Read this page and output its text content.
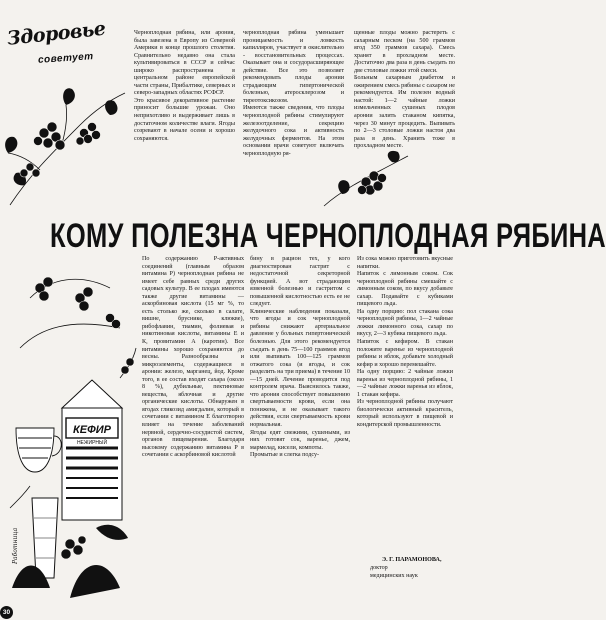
Здоровье
советует
Черноплодная рябина, или арония, была завезена в Европу из Северной Америки в конце прошлого столетия. Сравнительно недавно она стала культивироваться в СССР и сейчас широко распространена в центральном районе европейской части страны, Прибалтике, северных и северо-западных областях РСФСР.
Это красивое декоративное растение приносит большие урожаи. Оно неприхотливо и выдерживает лишь в достаточном количестве влаги. Ягоды созревают в начале осени и хорошо сохраняются.
черноплодная рябина уменьшает проницаемость и ломкость капилляров, участвует в окислительно - восстановительных процессах. Оказывает она и сосудорасширяющее действие. Все это позволяет рекомендовать плоды аронии страдающим гипертонической болезнью, атеросклерозом и тиреотоксикозом.
Имеются также сведения, что плоды черноплодной рябины стимулируют железоотделение, секрецию желудочного сока и активность желудочных ферментов. На этом основании врачи советуют включать черноплодную ря-
щенные плоды можно растереть с сахарным песком (на 500 граммов ягод 350 граммов сахара). Смесь хранят в прохладном месте. Достаточно два раза в день съедать по две столовые ложки этой смеси.
Больным сахарным диабетом и ожирением смесь рябины с сахаром не рекомендуется. Им полезен водный настой: 1—2 чайные ложки измельченных сушеных плодов аронии залить стаканом кипятка, через 30 минут процедить. Выпивать по 2—3 столовые ложки настоя два раза в день. Хранить тоже в прохладном месте.
КОМУ ПОЛЕЗНА ЧЕРНОПЛОДНАЯ РЯБИНА
КЕФИР
НЕЖИРНЫЙ
По содержанию Р-активных соединений (главным образом витамина Р) черноплодная рябина не имеет себе равных среди других садовых культур. В ее плодах имеются также другие витамины — аскорбиновая кислота (15 мг %, то есть столько же, сколько в салате, вишне, бруснике, клюкве), рибофлавин, тиамин, фолиевая и никотиновая кислоты, витамины Е и К, провитамин А (каротин). Все витамины хорошо сохраняются до весны. Разнообразны и микроэлементы, содержащиеся в аронии: железо, марганец, йод. Кроме того, в ее состав входят сахара (около 8 %), дубильные, пектиновые вещества, яблочная и другие органические кислоты. Обнаружен в ягодах гликозид амигдалин, который в сочетании с витамином Е благотворно влияет на течение заболеваний нервной, сердечно-сосудистой систем, органов пищеварения. Благодаря высокому содержанию витамина Р в сочетании с аскорбиновой кислотой
бину в рацион тех, у кого диагностирован гастрит с недостаточной секреторной функцией. А вот страдающим язвенной болезнью и гастритом с повышенной кислотностью есть ее не следует.
Клинические наблюдения показали, что ягоды и сок черноплодной рябины снижают артериальное давление у больных гипертонической болезнью. Для этого рекомендуется съедать в день 75—100 граммов ягод или выпивать 100—125 граммов отжатого сока (и ягоды, и сок разделить на три приема) в течение 10—15 дней. Лечение проводится под контролем врача. Выяснилось также, что арония способствует повышению свертываемости крови, если она понижена, и не оказывает такого действия, если свертываемость крови нормальная.
Ягоды едят свежими, сушеными, из них готовят сок, варенье, джем, мармелад, кисели, компоты.
Промытые и слегка подсу-
Из сока можно приготовить вкусные напитки.
Напиток с лимонным соком. Сок черноплодной рябины смешайте с лимонным соком, по вкусу добавьте сахар. Подавайте с кубиками пищевого льда.
На одну порцию: пол стакана сока черноплодной рябины, 1—2 чайные ложки лимонного сока, сахар по вкусу, 2—3 кубика пищевого льда.
Напиток с кефиром. В стакан положите варенье из черноплодной рябины и яблок, добавьте холодный кефир и хорошо перемешайте.
На одну порцию: 2 чайные ложки варенья из черноплодной рябины, 1—2 чайные ложки варенья из яблок, 1 стакан кефира.
Из черноплодной рябины получают биологически активный краситель, который используют в пищевой и кондитерской промышленности.
Э. Г. ПАРАМОНОВА,
доктор
медицинских наук
Работница
30
